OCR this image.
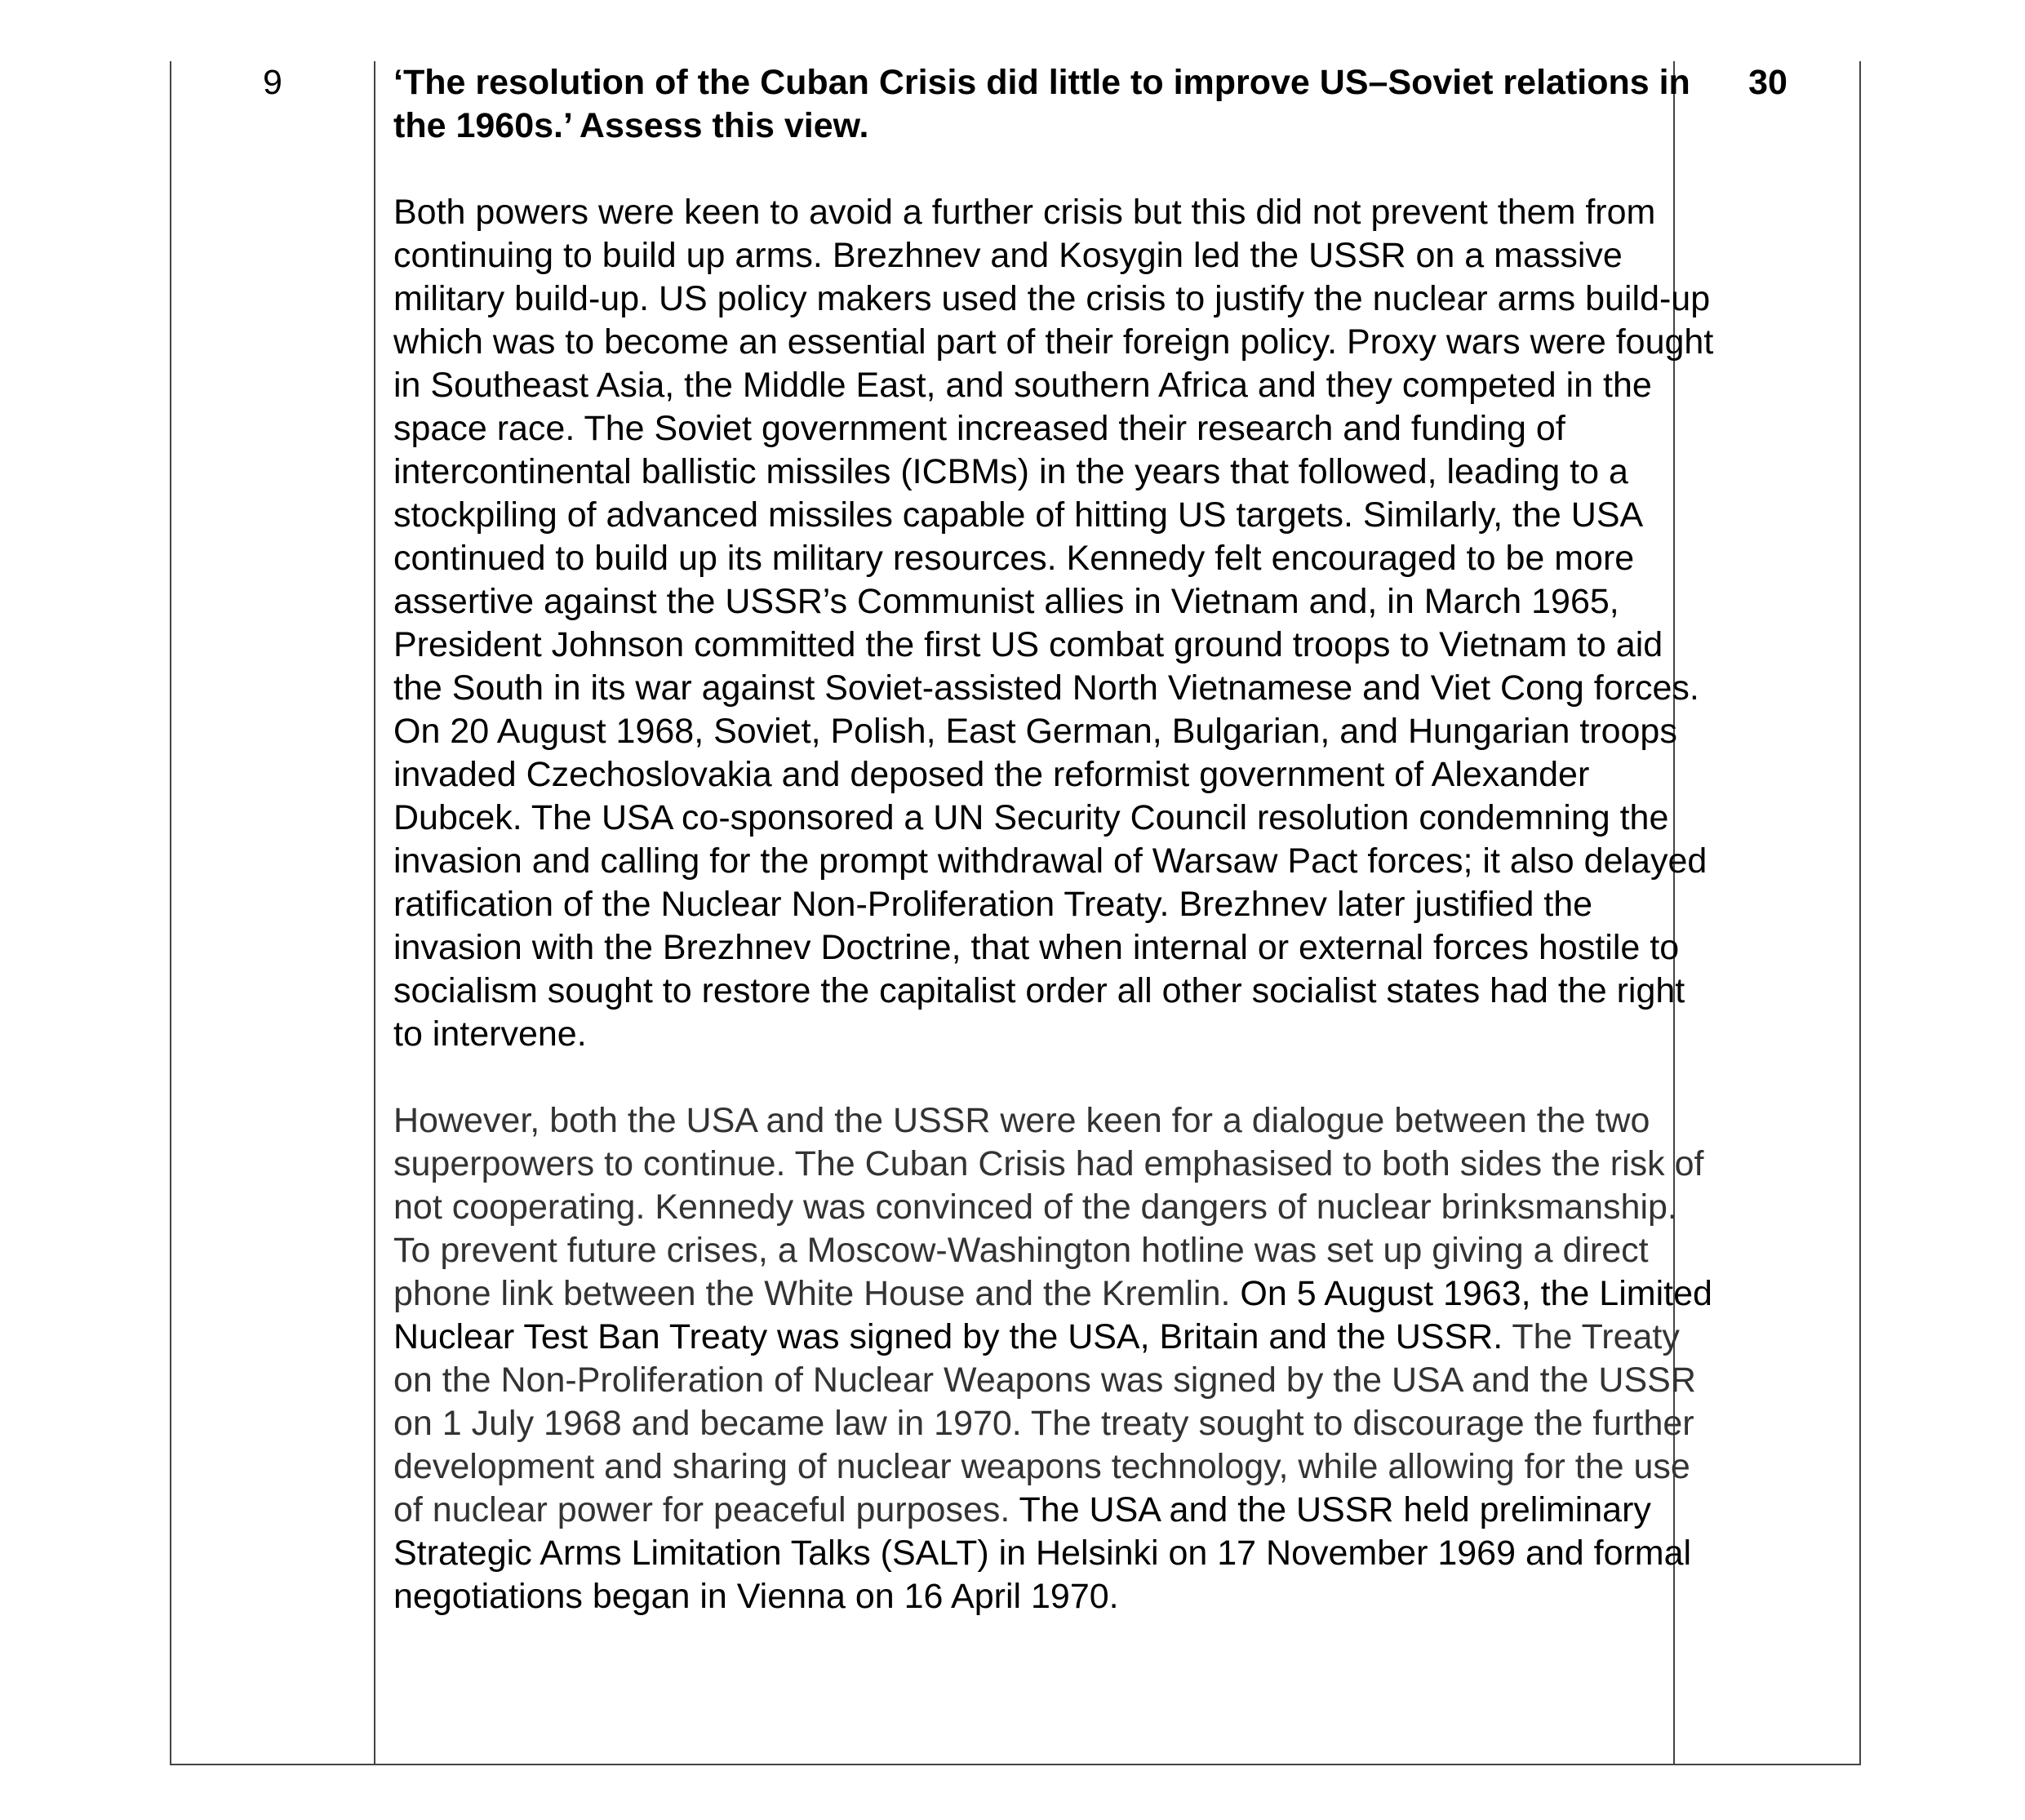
9	‘The resolution of the Cuban Crisis did little to improve US–Soviet relations in the 1960s.’ Assess this view.

Both powers were keen to avoid a further crisis but this did not prevent them from continuing to build up arms. Brezhnev and Kosygin led the USSR on a massive military build-up. US policy makers used the crisis to justify the nuclear arms build-up which was to become an essential part of their foreign policy. Proxy wars were fought in Southeast Asia, the Middle East, and southern Africa and they competed in the space race. The Soviet government increased their research and funding of intercontinental ballistic missiles (ICBMs) in the years that followed, leading to a stockpiling of advanced missiles capable of hitting US targets. Similarly, the USA continued to build up its military resources. Kennedy felt encouraged to be more assertive against the USSR’s Communist allies in Vietnam and, in March 1965, President Johnson committed the first US combat ground troops to Vietnam to aid the South in its war against Soviet-assisted North Vietnamese and Viet Cong forces. On 20 August 1968, Soviet, Polish, East German, Bulgarian, and Hungarian troops invaded Czechoslovakia and deposed the reformist government of Alexander Dubcek. The USA co-sponsored a UN Security Council resolution condemning the invasion and calling for the prompt withdrawal of Warsaw Pact forces; it also delayed ratification of the Nuclear Non-Proliferation Treaty. Brezhnev later justified the invasion with the Brezhnev Doctrine, that when internal or external forces hostile to socialism sought to restore the capitalist order all other socialist states had the right to intervene.

However, both the USA and the USSR were keen for a dialogue between the two superpowers to continue. The Cuban Crisis had emphasised to both sides the risk of not cooperating. Kennedy was convinced of the dangers of nuclear brinksmanship. To prevent future crises, a Moscow-Washington hotline was set up giving a direct phone link between the White House and the Kremlin. On 5 August 1963, the Limited Nuclear Test Ban Treaty was signed by the USA, Britain and the USSR. The Treaty on the Non-Proliferation of Nuclear Weapons was signed by the USA and the USSR on 1 July 1968 and became law in 1970. The treaty sought to discourage the further development and sharing of nuclear weapons technology, while allowing for the use of nuclear power for peaceful purposes. The USA and the USSR held preliminary Strategic Arms Limitation Talks (SALT) in Helsinki on 17 November 1969 and formal negotiations began in Vienna on 16 April 1970.

30
